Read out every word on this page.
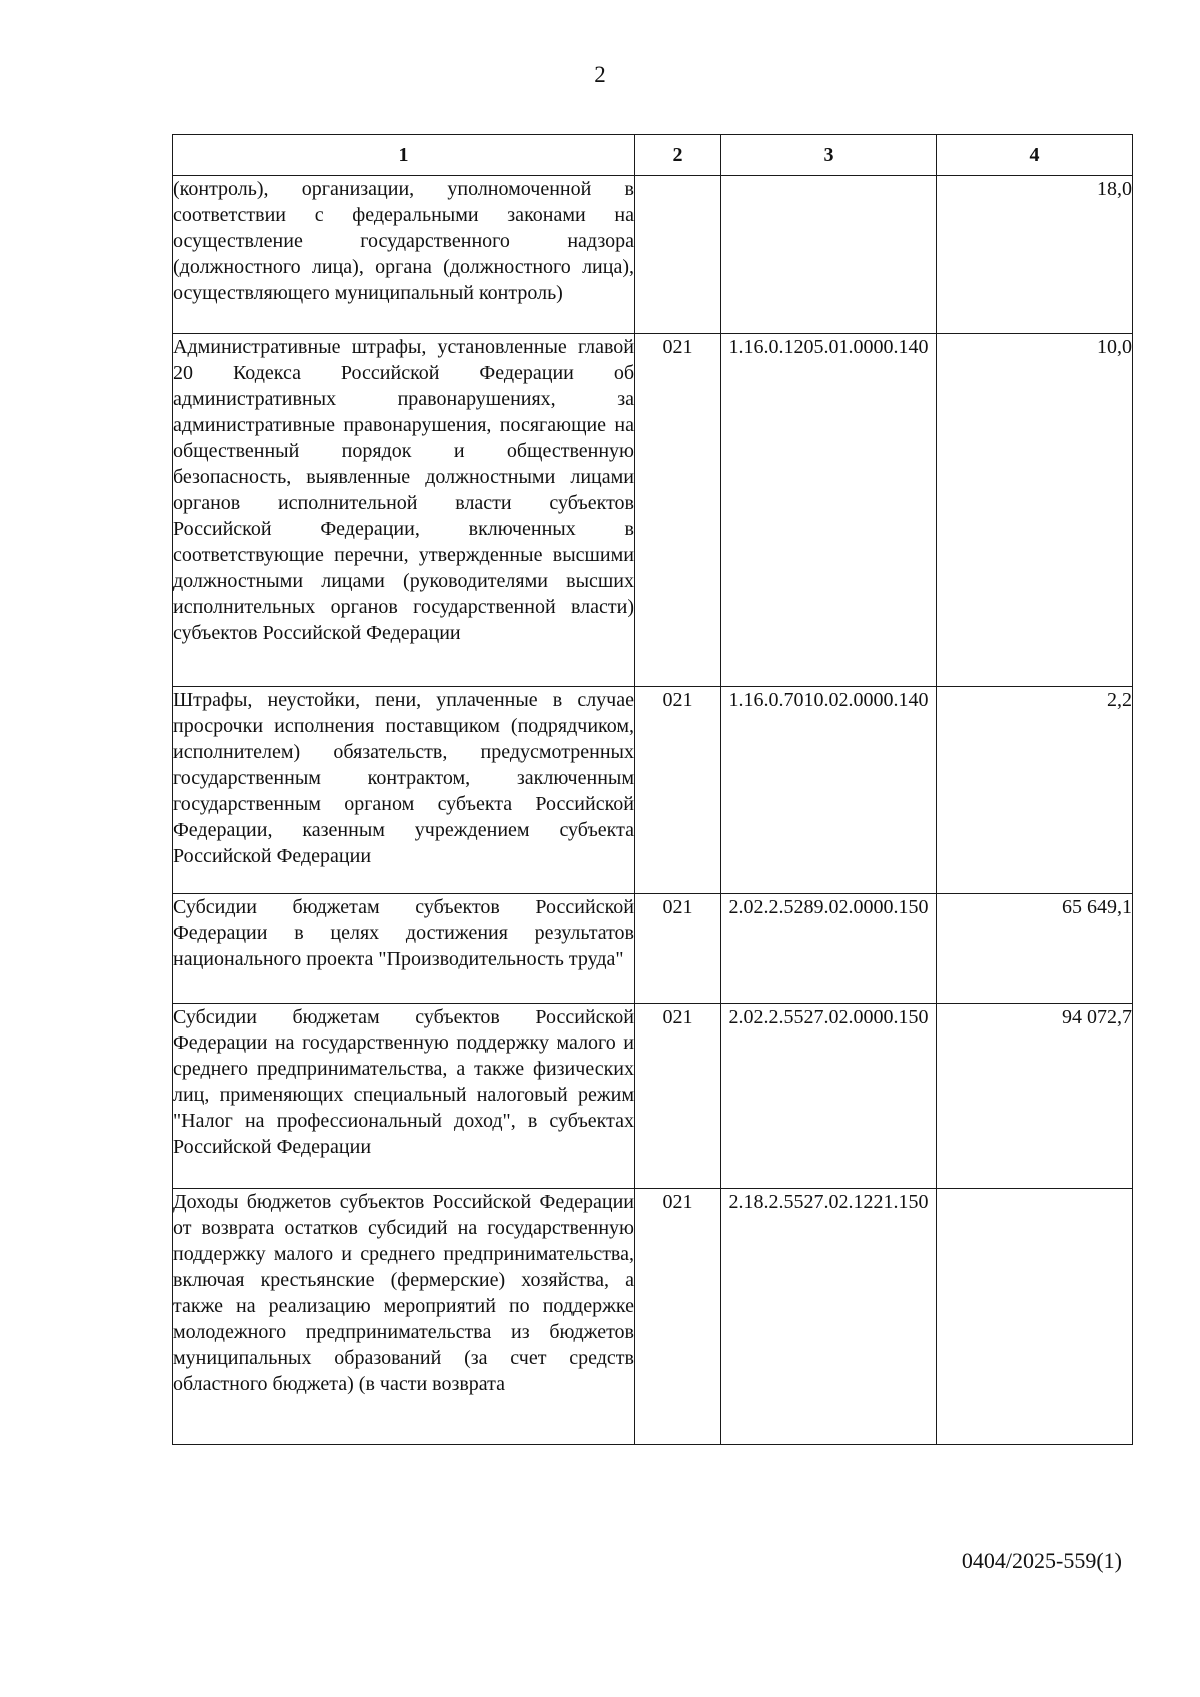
2
1	2	3	4
(контроль), организации, уполномоченной в соответствии с федеральными законами на осуществление государственного надзора (должностного лица), органа (должностного лица), осуществляющего муниципальный контроль)			18,0
Административные штрафы, установленные главой 20 Кодекса Российской Федерации об административных правонарушениях, за административные правонарушения, посягающие на общественный порядок и общественную безопасность, выявленные должностными лицами органов исполнительной власти субъектов Российской Федерации, включенных в соответствующие перечни, утвержденные высшими должностными лицами (руководителями высших исполнительных органов государственной власти) субъектов Российской Федерации	021	1.16.0.1205.01.0000.140	10,0
Штрафы, неустойки, пени, уплаченные в случае просрочки исполнения поставщиком (подрядчиком, исполнителем) обязательств, предусмотренных государственным контрактом, заключенным государственным органом субъекта Российской Федерации, казенным учреждением субъекта Российской Федерации	021	1.16.0.7010.02.0000.140	2,2
Субсидии бюджетам субъектов Российской Федерации в целях достижения результатов национального проекта "Производительность труда"	021	2.02.2.5289.02.0000.150	65 649,1
Субсидии бюджетам субъектов Российской Федерации на государственную поддержку малого и среднего предпринимательства, а также физических лиц, применяющих специальный налоговый режим "Налог на профессиональный доход", в субъектах Российской Федерации	021	2.02.2.5527.02.0000.150	94 072,7
Доходы бюджетов субъектов Российской Федерации от возврата остатков субсидий на государственную поддержку малого и среднего предпринимательства, включая крестьянские (фермерские) хозяйства, а также на реализацию мероприятий по поддержке молодежного предпринимательства из бюджетов муниципальных образований (за счет средств областного бюджета) (в части возврата	021	2.18.2.5527.02.1221.150	
0404/2025-559(1)
